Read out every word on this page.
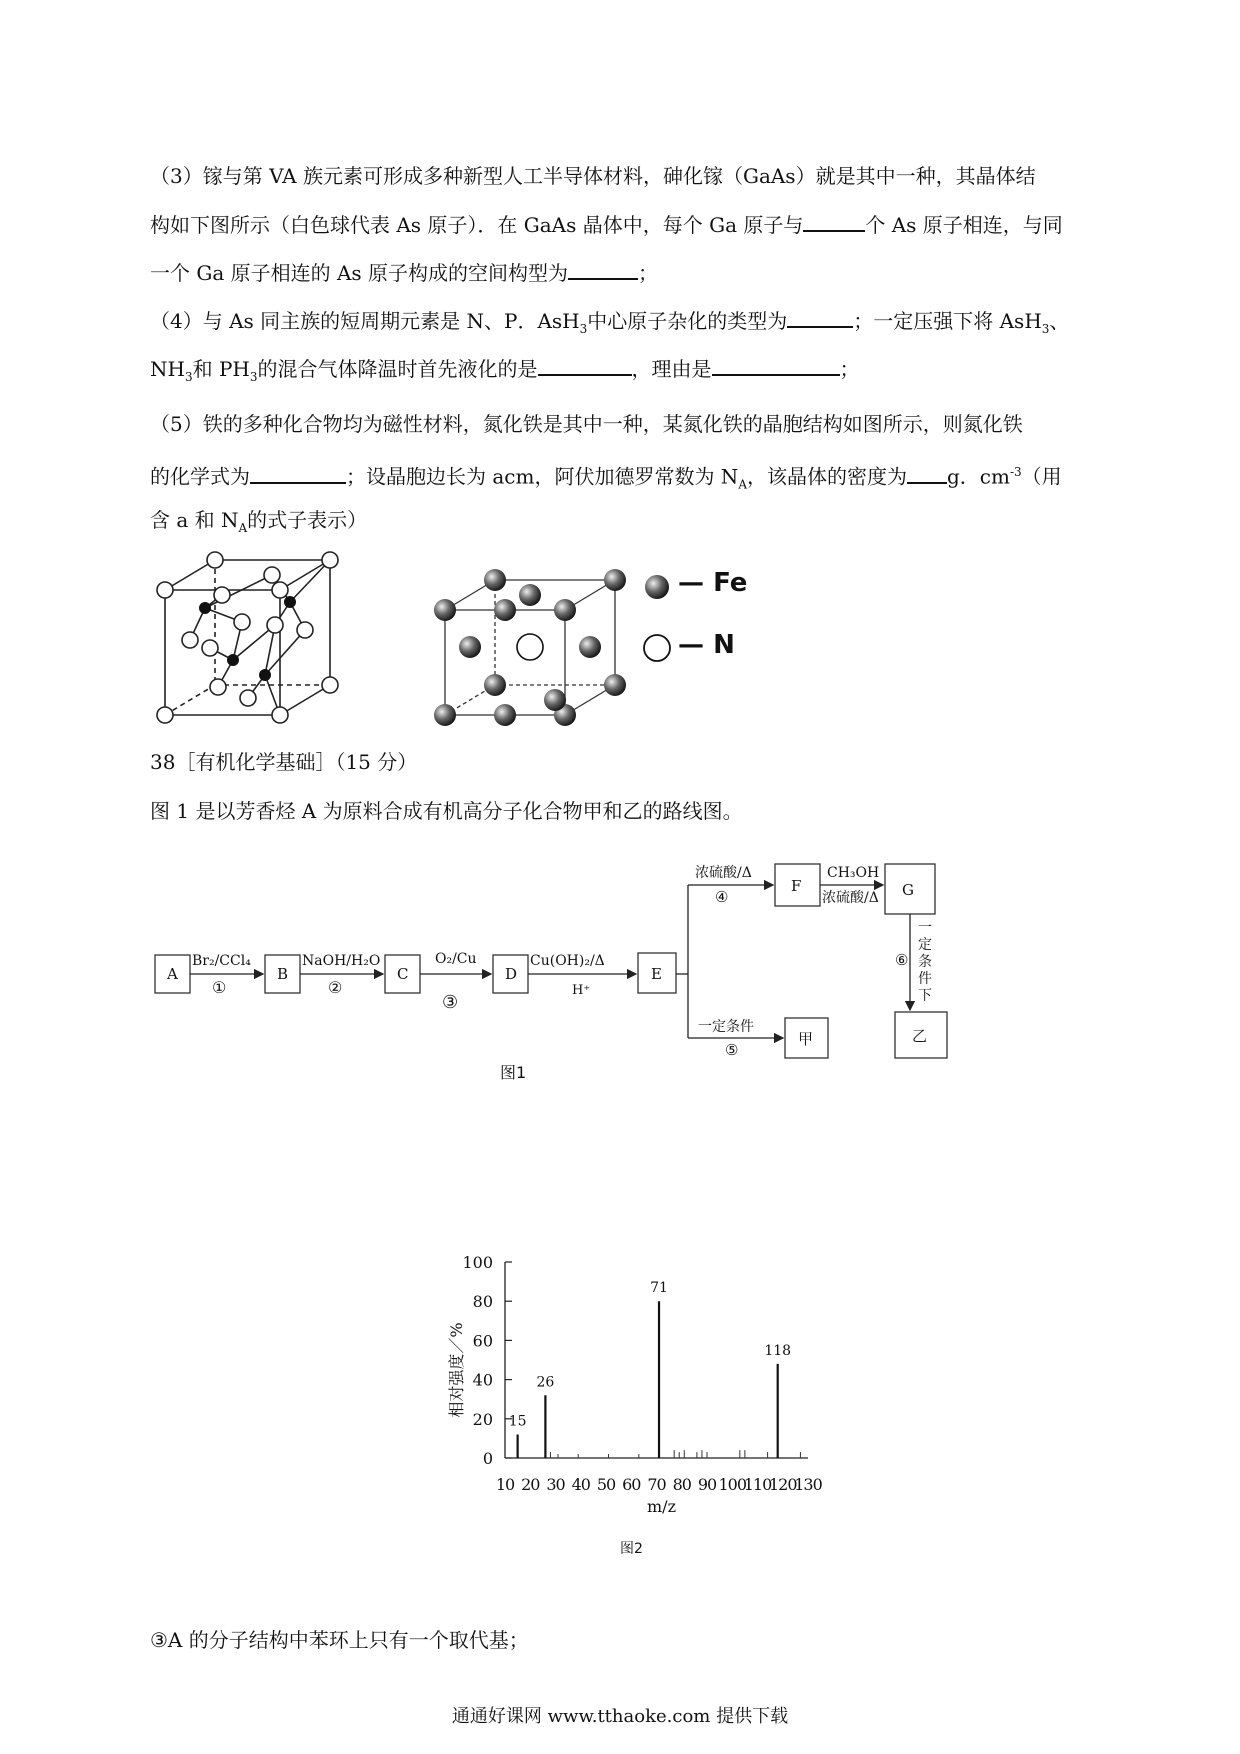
（3）镓与第 VA 族元素可形成多种新型人工半导体材料，砷化镓（GaAs）就是其中一种，其晶体结
构如下图所示（白色球代表 As 原子）．在 GaAs 晶体中，每个 Ga 原子与	个 As 原子相连，与同
一个 Ga 原子相连的 As 原子构成的空间构型为	；
（4）与 As 同主族的短周期元素是 N、P．AsH$_3$中心原子杂化的类型为	；一定压强下将 AsH$_3$、
$NH_3$和 $PH_3$的混合气体降温时首先液化的是	，理由是	；
（5）铁的多种化合物均为磁性材料，氮化铁是其中一种，某氮化铁的晶胞结构如图所示，则氮化铁
的化学式为	；设晶胞边长为 acm，阿伏加德罗常数为 $N_A$，该晶体的密度为 g．$cm^{-3}$（用
含 a 和 $N_A$的式子表示）
— Fe
— N
38［有机化学基础］（15 分）
图 1 是以芳香烃 A 为原料合成有机高分子化合物甲和乙的路线图。
A	B	C	D	E
F	G
甲	乙
Br₂/CCl₄
①
NaOH/H₂O
②
O₂/Cu
③
Cu(OH)₂/Δ
H⁺
浓硫酸/Δ
④
CH₃OH
浓硫酸/Δ
一
定
⑥ 条
件
下
一定条件
⑤
图1
0
20
40
60
80
100
10 20 30 40 50 60 70 80 90 100
110
120
130
m/z
相对强度／%
15
26
71
118
图2
③A 的分子结构中苯环上只有一个取代基；
通通好课网 www.tthaoke.com 提供下载
